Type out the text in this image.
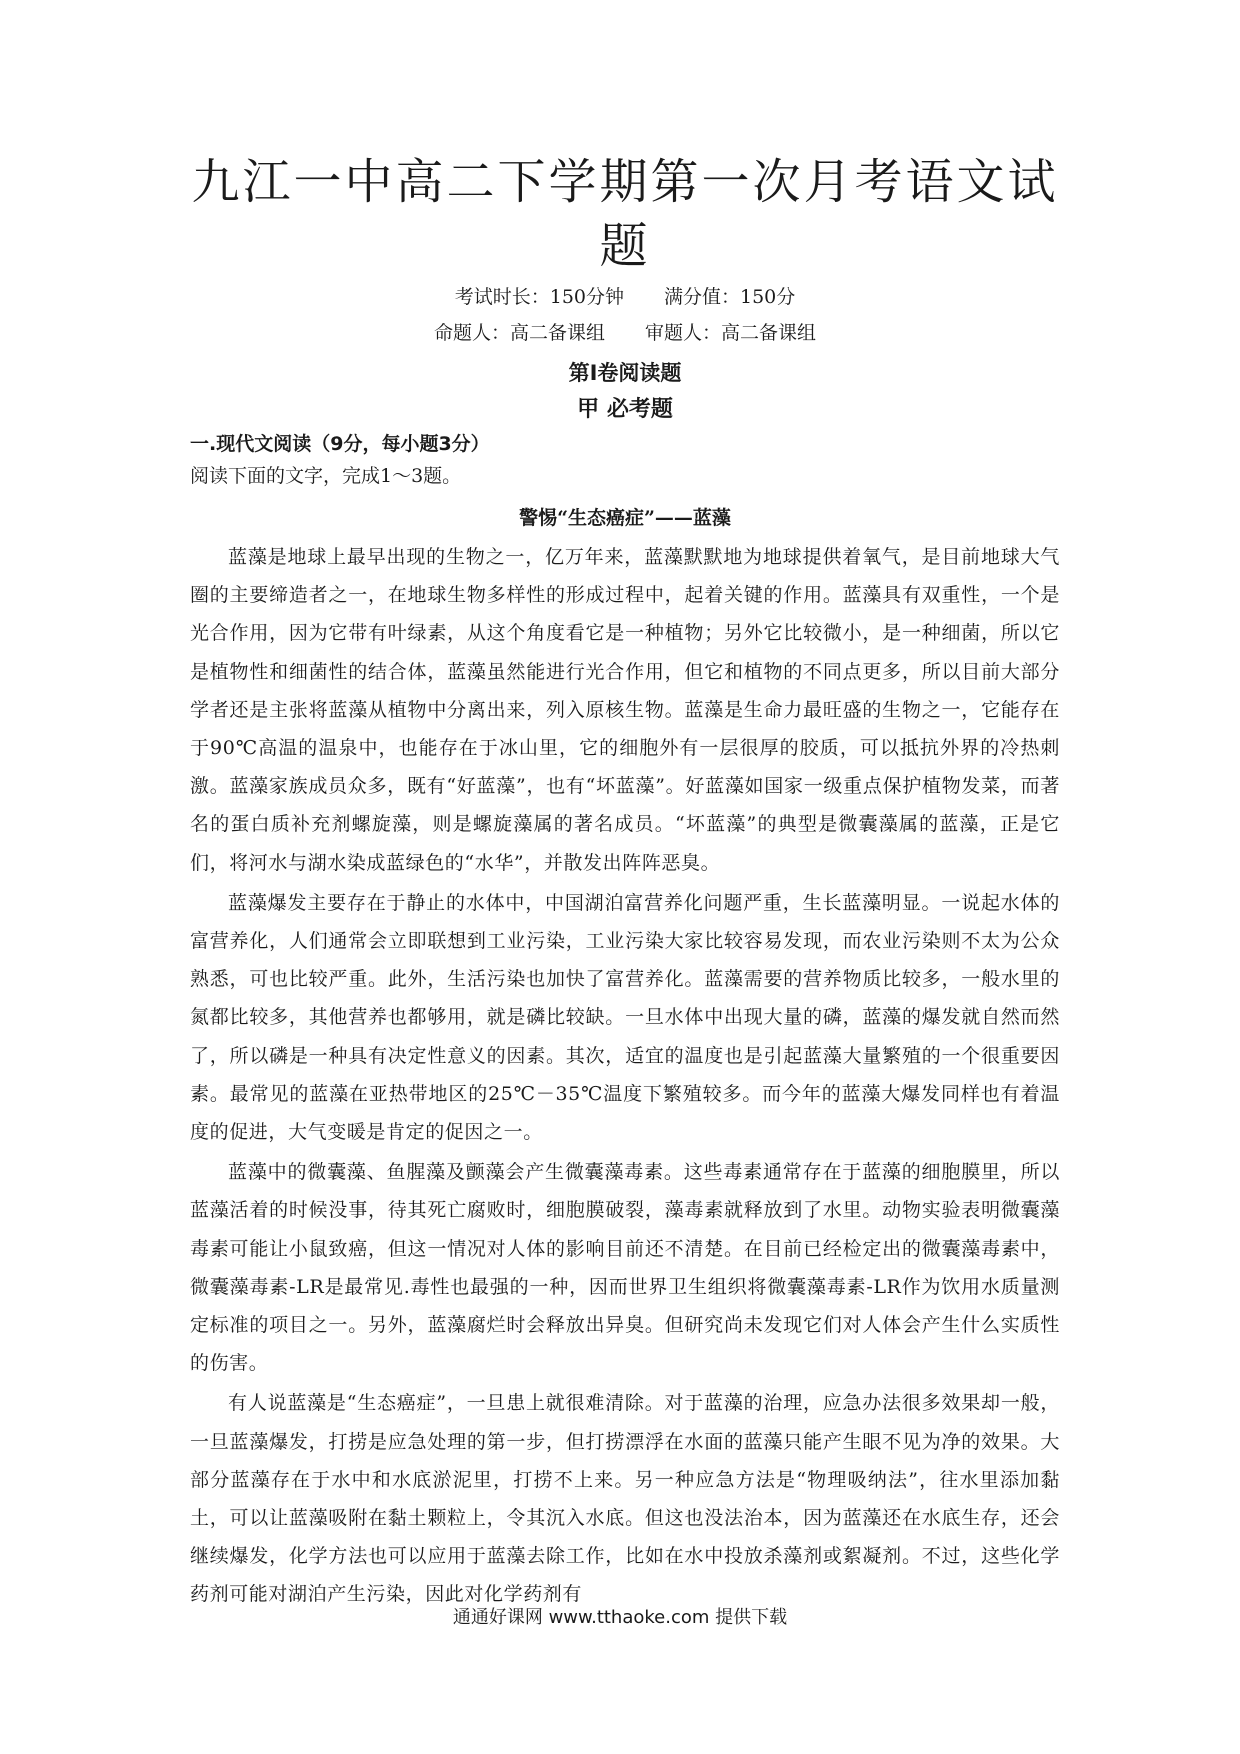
九江一中高二下学期第一次月考语文试题

考试时长：150分钟 满分值：150分

命题人：高二备课组 审题人：高二备课组

第Ⅰ卷阅读题

甲 必考题

一.现代文阅读（9分，每小题3分）

阅读下面的文字，完成1～3题。

警惕“生态癌症”——蓝藻

蓝藻是地球上最早出现的生物之一，亿万年来，蓝藻默默地为地球提供着氧气，是目前地球大气圈的主要缔造者之一，在地球生物多样性的形成过程中，起着关键的作用。蓝藻具有双重性，一个是光合作用，因为它带有叶绿素，从这个角度看它是一种植物；另外它比较微小，是一种细菌，所以它是植物性和细菌性的结合体，蓝藻虽然能进行光合作用，但它和植物的不同点更多，所以目前大部分学者还是主张将蓝藻从植物中分离出来，列入原核生物。蓝藻是生命力最旺盛的生物之一，它能存在于90℃高温的温泉中，也能存在于冰山里，它的细胞外有一层很厚的胶质，可以抵抗外界的冷热刺激。蓝藻家族成员众多，既有“好蓝藻”，也有“坏蓝藻”。好蓝藻如国家一级重点保护植物发菜，而著名的蛋白质补充剂螺旋藻，则是螺旋藻属的著名成员。“坏蓝藻”的典型是微囊藻属的蓝藻，正是它们，将河水与湖水染成蓝绿色的“水华”，并散发出阵阵恶臭。

蓝藻爆发主要存在于静止的水体中，中国湖泊富营养化问题严重，生长蓝藻明显。一说起水体的富营养化，人们通常会立即联想到工业污染，工业污染大家比较容易发现，而农业污染则不太为公众熟悉，可也比较严重。此外，生活污染也加快了富营养化。蓝藻需要的营养物质比较多，一般水里的氮都比较多，其他营养也都够用，就是磷比较缺。一旦水体中出现大量的磷，蓝藻的爆发就自然而然了，所以磷是一种具有决定性意义的因素。其次，适宜的温度也是引起蓝藻大量繁殖的一个很重要因素。最常见的蓝藻在亚热带地区的25℃－35℃温度下繁殖较多。而今年的蓝藻大爆发同样也有着温度的促进，大气变暖是肯定的促因之一。

蓝藻中的微囊藻、鱼腥藻及颤藻会产生微囊藻毒素。这些毒素通常存在于蓝藻的细胞膜里，所以蓝藻活着的时候没事，待其死亡腐败时，细胞膜破裂，藻毒素就释放到了水里。动物实验表明微囊藻毒素可能让小鼠致癌，但这一情况对人体的影响目前还不清楚。在目前已经检定出的微囊藻毒素中，微囊藻毒素-LR是最常见.毒性也最强的一种，因而世界卫生组织将微囊藻毒素-LR作为饮用水质量测定标准的项目之一。另外，蓝藻腐烂时会释放出异臭。但研究尚未发现它们对人体会产生什么实质性的伤害。

有人说蓝藻是“生态癌症”，一旦患上就很难清除。对于蓝藻的治理，应急办法很多效果却一般，一旦蓝藻爆发，打捞是应急处理的第一步，但打捞漂浮在水面的蓝藻只能产生眼不见为净的效果。大部分蓝藻存在于水中和水底淤泥里，打捞不上来。另一种应急方法是“物理吸纳法”，往水里添加黏土，可以让蓝藻吸附在黏土颗粒上，令其沉入水底。但这也没法治本，因为蓝藻还在水底生存，还会继续爆发，化学方法也可以应用于蓝藻去除工作，比如在水中投放杀藻剂或絮凝剂。不过，这些化学药剂可能对湖泊产生污染，因此对化学药剂有

通通好课网 www.tthaoke.com 提供下载
